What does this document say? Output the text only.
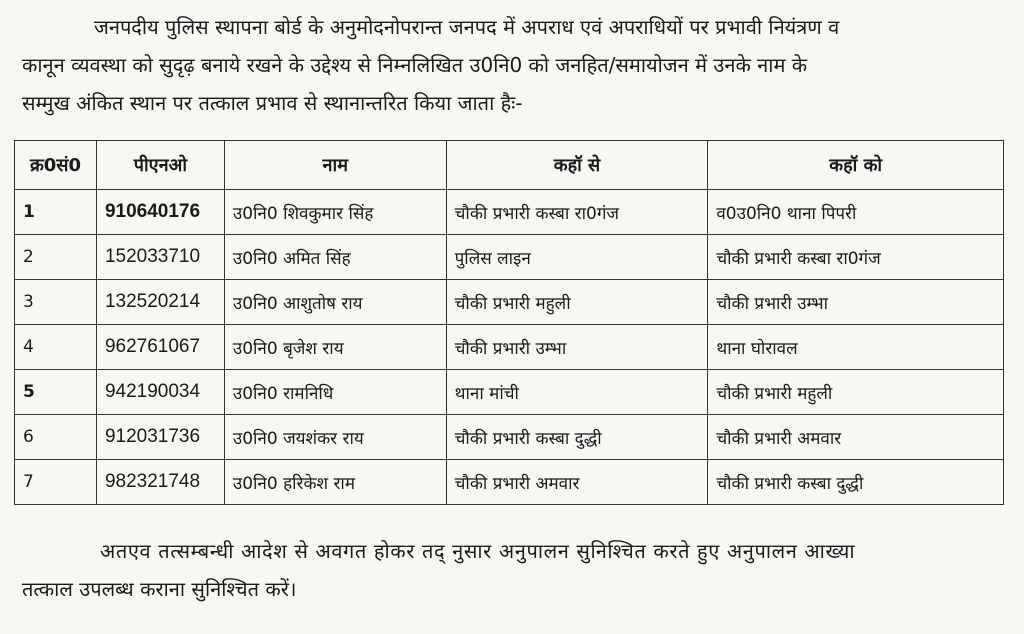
जनपदीय पुलिस स्थापना बोर्ड के अनुमोदनोपरान्त जनपद में अपराध एवं अपराधियों पर प्रभावी नियंत्रण व
कानून व्यवस्था को सुदृढ़ बनाये रखने के उद्देश्य से निम्नलिखित उ0नि0 को जनहित/समायोजन में उनके नाम के
सम्मुख अंकित स्थान पर तत्काल प्रभाव से स्थानान्तरित किया जाता हैः-
क्र0सं0	पीएनओ	नाम	कहॉ से	कहॉ को
1	910640176	उ0नि0 शिवकुमार सिंह	चौकी प्रभारी कस्बा रा0गंज	व0उ0नि0 थाना पिपरी
2	152033710	उ0नि0 अमित सिंह	पुलिस लाइन	चौकी प्रभारी कस्बा रा0गंज
3	132520214	उ0नि0 आशुतोष राय	चौकी प्रभारी महुली	चौकी प्रभारी उम्भा
4	962761067	उ0नि0 बृजेश राय	चौकी प्रभारी उम्भा	थाना घोरावल
5	942190034	उ0नि0 रामनिधि	थाना मांची	चौकी प्रभारी महुली
6	912031736	उ0नि0 जयशंकर राय	चौकी प्रभारी कस्बा दुद्धी	चौकी प्रभारी अमवार
7	982321748	उ0नि0 हरिकेश राम	चौकी प्रभारी अमवार	चौकी प्रभारी कस्बा दुद्धी
अतएव तत्सम्बन्धी आदेश से अवगत होकर तद् नुसार अनुपालन सुनिश्चित करते हुए अनुपालन आख्या
तत्काल उपलब्ध कराना सुनिश्चित करें।
